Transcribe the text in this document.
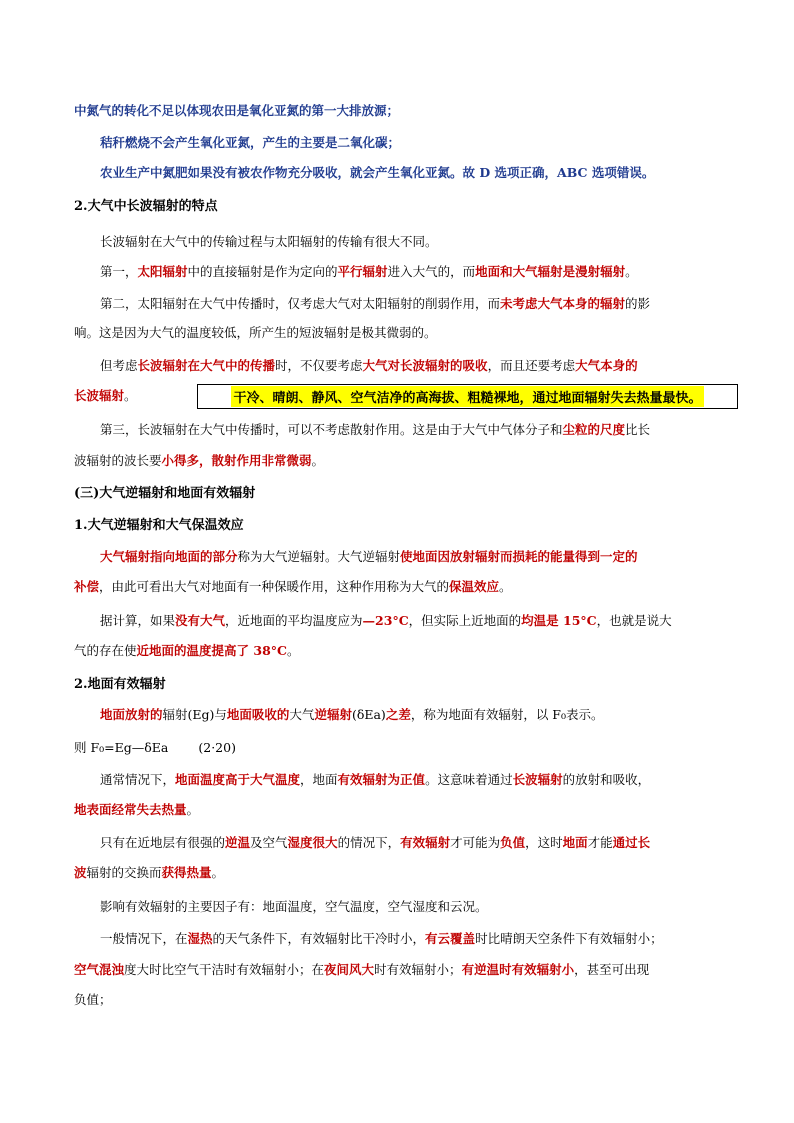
中氮气的转化不足以体现农田是氧化亚氮的第一大排放源；
秸秆燃烧不会产生氧化亚氮，产生的主要是二氧化碳；
农业生产中氮肥如果没有被农作物充分吸收，就会产生氧化亚氮。故 D 选项正确，ABC 选项错误。
2.大气中长波辐射的特点
长波辐射在大气中的传输过程与太阳辐射的传输有很大不同。
第一，太阳辐射中的直接辐射是作为定向的平行辐射进入大气的，而地面和大气辐射是漫射辐射。
第二，太阳辐射在大气中传播时，仅考虑大气对太阳辐射的削弱作用，而未考虑大气本身的辐射的影
响。这是因为大气的温度较低，所产生的短波辐射是极其微弱的。
但考虑长波辐射在大气中的传播时，不仅要考虑大气对长波辐射的吸收，而且还要考虑大气本身的
长波辐射。	干冷、晴朗、静风、空气洁净的高海拔、粗糙裸地，通过地面辐射失去热量最快。
第三，长波辐射在大气中传播时，可以不考虑散射作用。这是由于大气中气体分子和尘粒的尺度比长
波辐射的波长要小得多，散射作用非常微弱。
(三)大气逆辐射和地面有效辐射
1.大气逆辐射和大气保温效应
大气辐射指向地面的部分称为大气逆辐射。大气逆辐射使地面因放射辐射而损耗的能量得到一定的
补偿，由此可看出大气对地面有一种保暖作用，这种作用称为大气的保温效应。
据计算，如果没有大气，近地面的平均温度应为—23°C，但实际上近地面的均温是 15°C，也就是说大
气的存在使近地面的温度提高了 38°C。
2.地面有效辐射
地面放射的辐射(Eg)与地面吸收的大气逆辐射(δEa)之差，称为地面有效辐射，以 F₀表示。
则 F₀=Eg—δEa (2·20)
通常情况下，地面温度高于大气温度，地面有效辐射为正值。这意味着通过长波辐射的放射和吸收，
地表面经常失去热量。
只有在近地层有很强的逆温及空气湿度很大的情况下，有效辐射才可能为负值，这时地面才能通过长
波辐射的交换而获得热量。
影响有效辐射的主要因子有：地面温度，空气温度，空气湿度和云况。
一般情况下，在湿热的天气条件下，有效辐射比干冷时小，有云覆盖时比晴朗天空条件下有效辐射小；
空气混浊度大时比空气干洁时有效辐射小；在夜间风大时有效辐射小；有逆温时有效辐射小，甚至可出现
负值；
